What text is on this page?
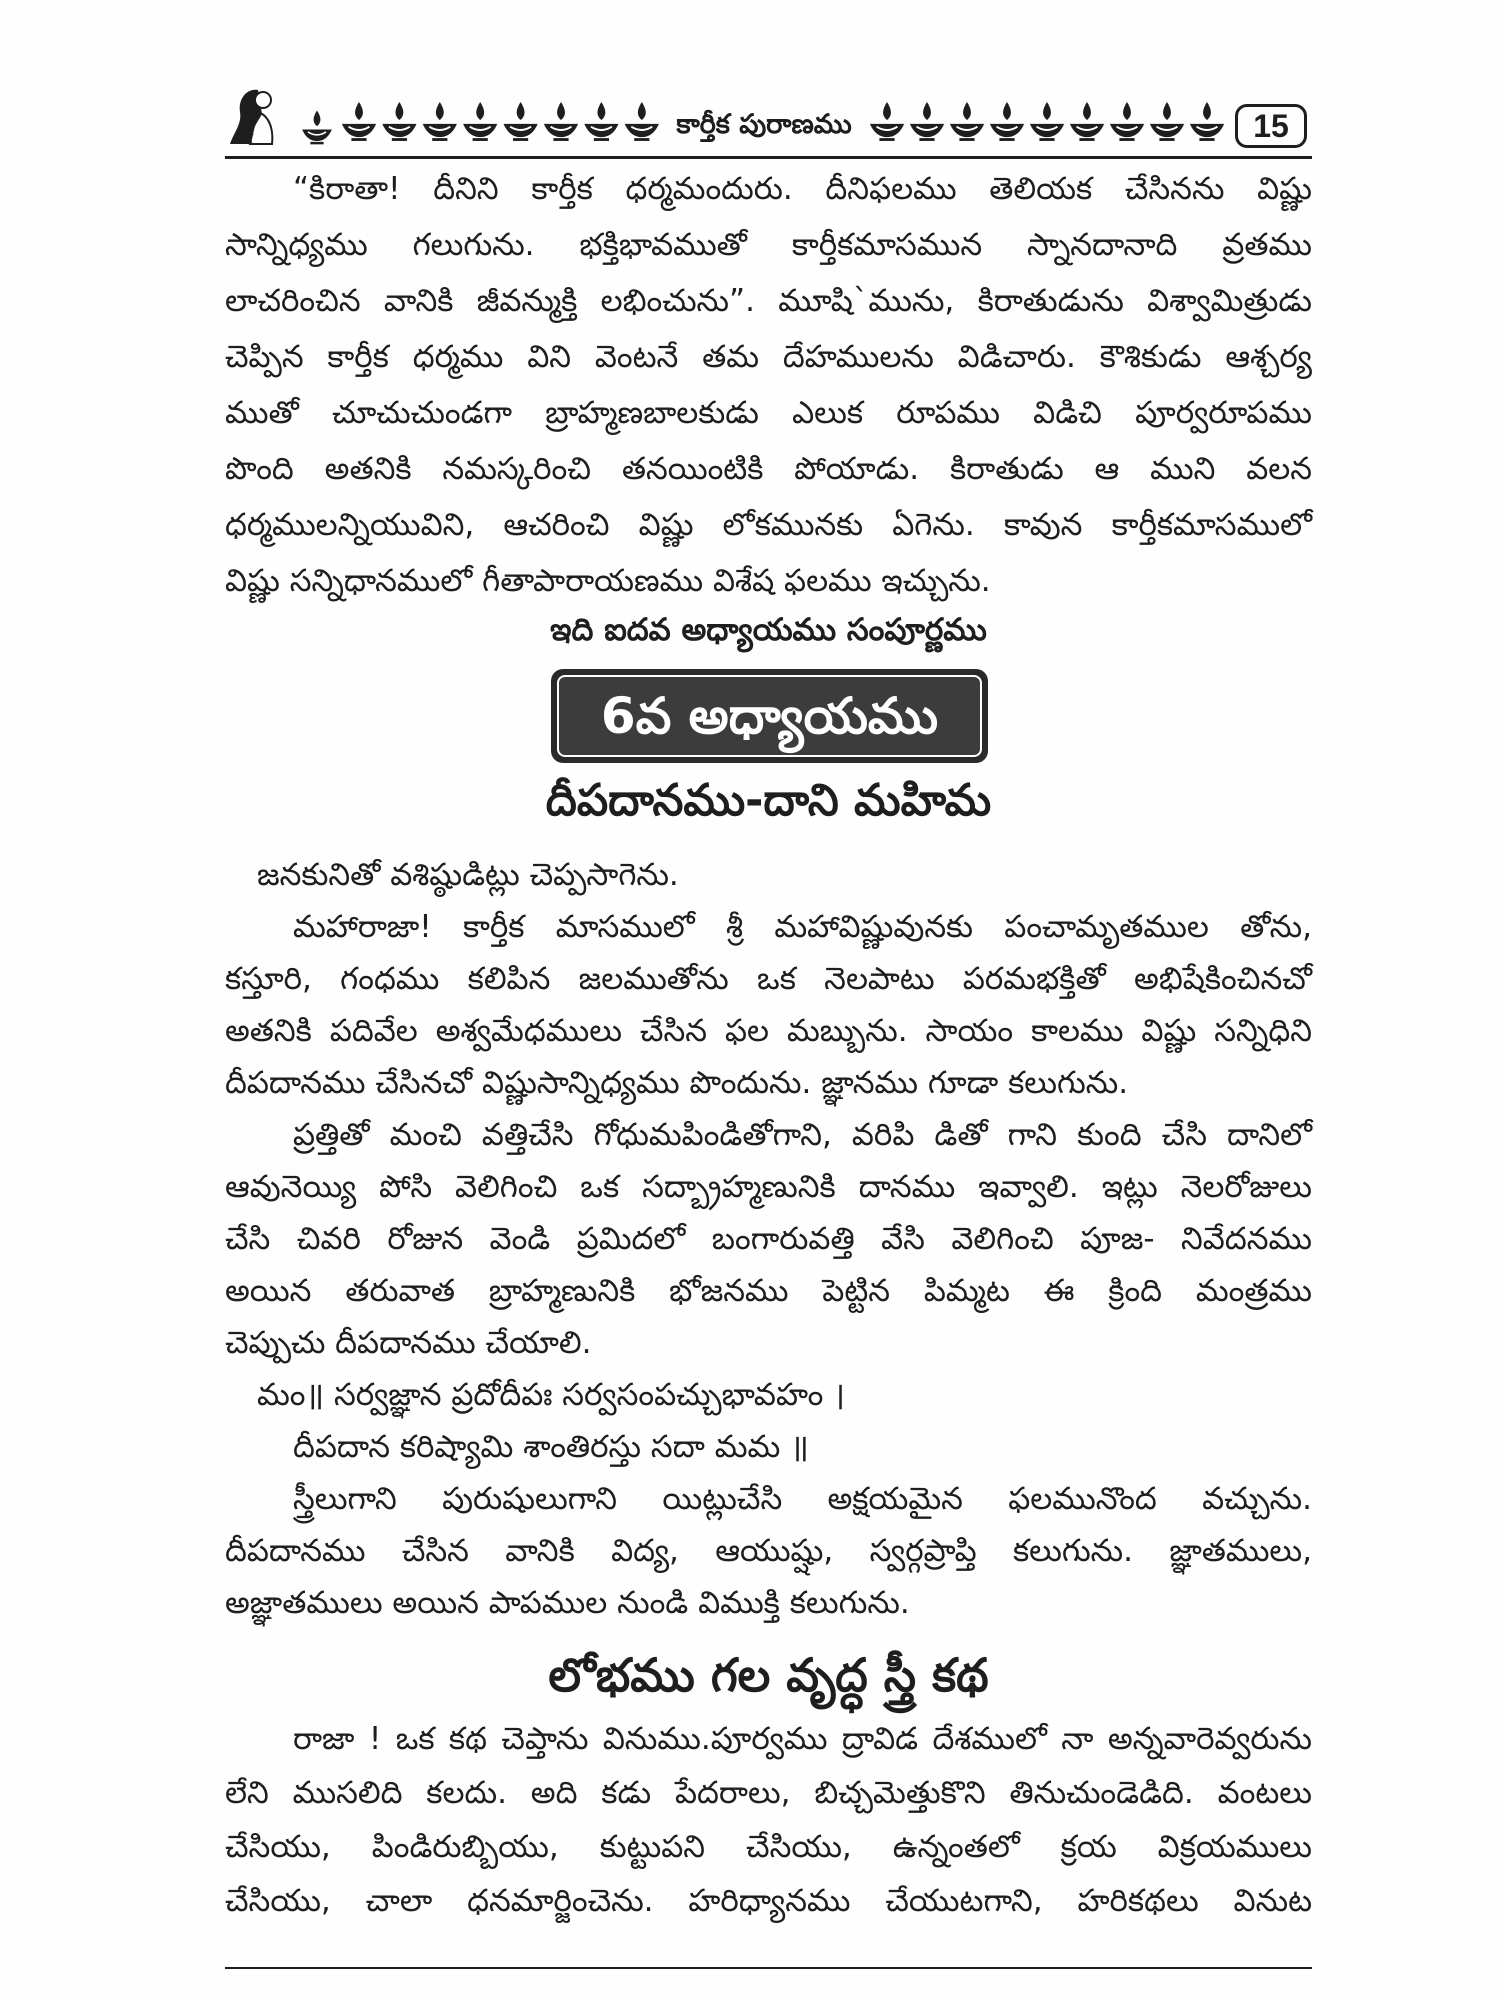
కార్తీక పురాణము	15
“కిరాతా! దీనిని కార్తీక ధర్మమందురు. దీనిఫలము తెలియక చేసినను విష్ణు
సాన్నిధ్యము గలుగును. భక్తిభావముతో కార్తీకమాసమున స్నానదానాది వ్రతము
లాచరించిన వానికి జీవన్ముక్తి లభించును”. మూషి`మును, కిరాతుడును విశ్వామిత్రుడు
చెప్పిన కార్తీక ధర్మము విని వెంటనే తమ దేహములను విడిచారు. కౌశికుడు ఆశ్చర్య
ముతో చూచుచుండగా బ్రాహ్మణబాలకుడు ఎలుక రూపము విడిచి పూర్వరూపము
పొంది అతనికి నమస్కరించి తనయింటికి పోయాడు. కిరాతుడు ఆ ముని వలన
ధర్మములన్నియువిని, ఆచరించి విష్ణు లోకమునకు ఏగెను. కావున కార్తీకమాసములో
విష్ణు సన్నిధానములో గీతాపారాయణము విశేష ఫలము ఇచ్చును.
ఇది ఐదవ అధ్యాయము సంపూర్ణము
6వ అధ్యాయము
దీపదానము-దాని మహిమ
జనకునితో వశిష్ఠుడిట్లు చెప్పసాగెను.
మహారాజా! కార్తీక మాసములో శ్రీ మహావిష్ణువునకు పంచామృతముల తోను,
కస్తూరి, గంధము కలిపిన జలముతోను ఒక నెలపాటు పరమభక్తితో అభిషేకించినచో
అతనికి పదివేల అశ్వమేధములు చేసిన ఫల మబ్బును. సాయం కాలము విష్ణు సన్నిధిని
దీపదానము చేసినచో విష్ణుసాన్నిధ్యము పొందును. జ్ఞానము గూడా కలుగును.
ప్రత్తితో మంచి వత్తిచేసి గోధుమపిండితోగాని, వరిపి డితో గాని కుంది చేసి దానిలో
ఆవునెయ్యి పోసి వెలిగించి ఒక సద్బ్రాహ్మణునికి దానము ఇవ్వాలి. ఇట్లు నెలరోజులు
చేసి చివరి రోజున వెండి ప్రమిదలో బంగారువత్తి వేసి వెలిగించి పూజ- నివేదనము
అయిన తరువాత బ్రాహ్మణునికి భోజనము పెట్టిన పిమ్మట ఈ క్రింది మంత్రము
చెప్పుచు దీపదానము చేయాలి.
మం॥ సర్వజ్ఞాన ప్రదోదీపః సర్వసంపచ్చుభావహం ।
దీపదాన కరిష్యామి శాంతిరస్తు సదా మమ ॥
స్త్రీలుగాని పురుషులుగాని యిట్లుచేసి అక్షయమైన ఫలమునొంద వచ్చును.
దీపదానము చేసిన వానికి విద్య, ఆయుష్షు, స్వర్గప్రాప్తి కలుగును. జ్ఞాతములు,
అజ్ఞాతములు అయిన పాపముల నుండి విముక్తి కలుగును.
లోభము గల వృద్ధ స్త్రీ కథ
రాజా ! ఒక కథ చెప్తాను వినుము.పూర్వము ద్రావిడ దేశములో నా అన్నవారెవ్వరును
లేని ముసలిది కలదు. అది కడు పేదరాలు, బిచ్చమెత్తుకొని తినుచుండెడిది. వంటలు
చేసియు, పిండిరుబ్బియు, కుట్టుపని చేసియు, ఉన్నంతలో క్రయ విక్రయములు
చేసియు, చాలా ధనమార్జించెను. హరిధ్యానము చేయుటగాని, హరికథలు వినుట
